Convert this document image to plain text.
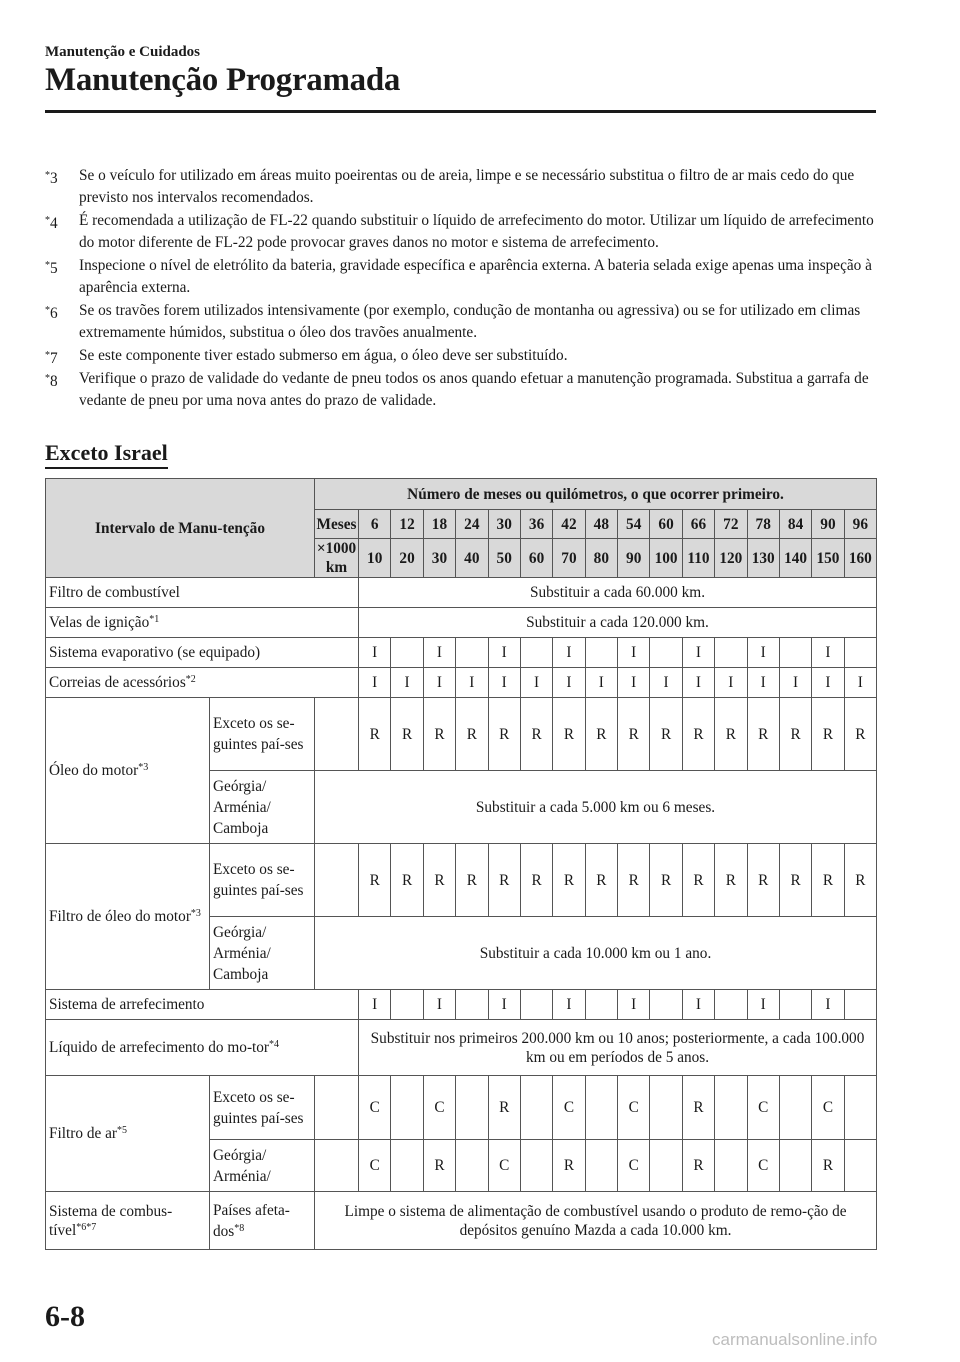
Manutenção e Cuidados
Manutenção Programada
*3 Se o veículo for utilizado em áreas muito poeirentas ou de areia, limpe e se necessário substitua o filtro de ar mais cedo do que previsto nos intervalos recomendados.
*4 É recomendada a utilização de FL-22 quando substituir o líquido de arrefecimento do motor. Utilizar um líquido de arrefecimento do motor diferente de FL-22 pode provocar graves danos no motor e sistema de arrefecimento.
*5 Inspecione o nível de eletrólito da bateria, gravidade específica e aparência externa. A bateria selada exige apenas uma inspeção à aparência externa.
*6 Se os travões forem utilizados intensivamente (por exemplo, condução de montanha ou agressiva) ou se for utilizado em climas extremamente húmidos, substitua o óleo dos travões anualmente.
*7 Se este componente tiver estado submerso em água, o óleo deve ser substituído.
*8 Verifique o prazo de validade do vedante de pneu todos os anos quando efetuar a manutenção programada. Substitua a garrafa de vedante de pneu por uma nova antes do prazo de validade.
Exceto Israel
Intervalo de Manu-tenção		Número de meses ou quilómetros, o que ocorrer primeiro.																
		Meses	6	12	18	24	30	36	42	48	54	60	66	72	78	84	90	96
		×1000 km	10	20	30	40	50	60	70	80	90	100	110	120	130	140	150	160
Filtro de combustível			Substituir a cada 60.000 km.															
Velas de ignição$^{*1}$			Substituir a cada 120.000 km.															
Sistema evaporativo (se equipado)			I		I		I		I		I		I		I		I	
Correias de acessórios$^{*2}$			I	I	I	I	I	I	I	I	I	I	I	I	I	I	I	I
Óleo do motor$^{*3}$	Exceto os se-guintes paí-ses		R	R	R	R	R	R	R	R	R	R	R	R	R	R	R	R
	Geórgia/ Arménia/ Camboja	Substituir a cada 5.000 km ou 6 meses.																
Filtro de óleo do motor$^{*3}$	Exceto os se-guintes paí-ses		R	R	R	R	R	R	R	R	R	R	R	R	R	R	R	R
	Geórgia/ Arménia/ Camboja	Substituir a cada 10.000 km ou 1 ano.																
Sistema de arrefecimento			I		I		I		I		I		I		I		I	
Líquido de arrefecimento do mo-tor$^{*4}$			Substituir nos primeiros 200.000 km ou 10 anos; posteriormente, a cada 100.000 km ou em períodos de 5 anos.															
Filtro de $ar^{*5}$	Exceto os se-guintes paí-ses		C		C		R		C		C		R		C		C	
	Geórgia/ Arménia/		C		R		C		R		C		R		C		R	
Sistema de combus-tível$^{*6*7}$	Países afeta-dos$^{*8}$	Limpe o sistema de alimentação de combustível usando o produto de remo-ção de depósitos genuíno Mazda a cada 10.000 km.																
6-8
carmanualsonline.info
